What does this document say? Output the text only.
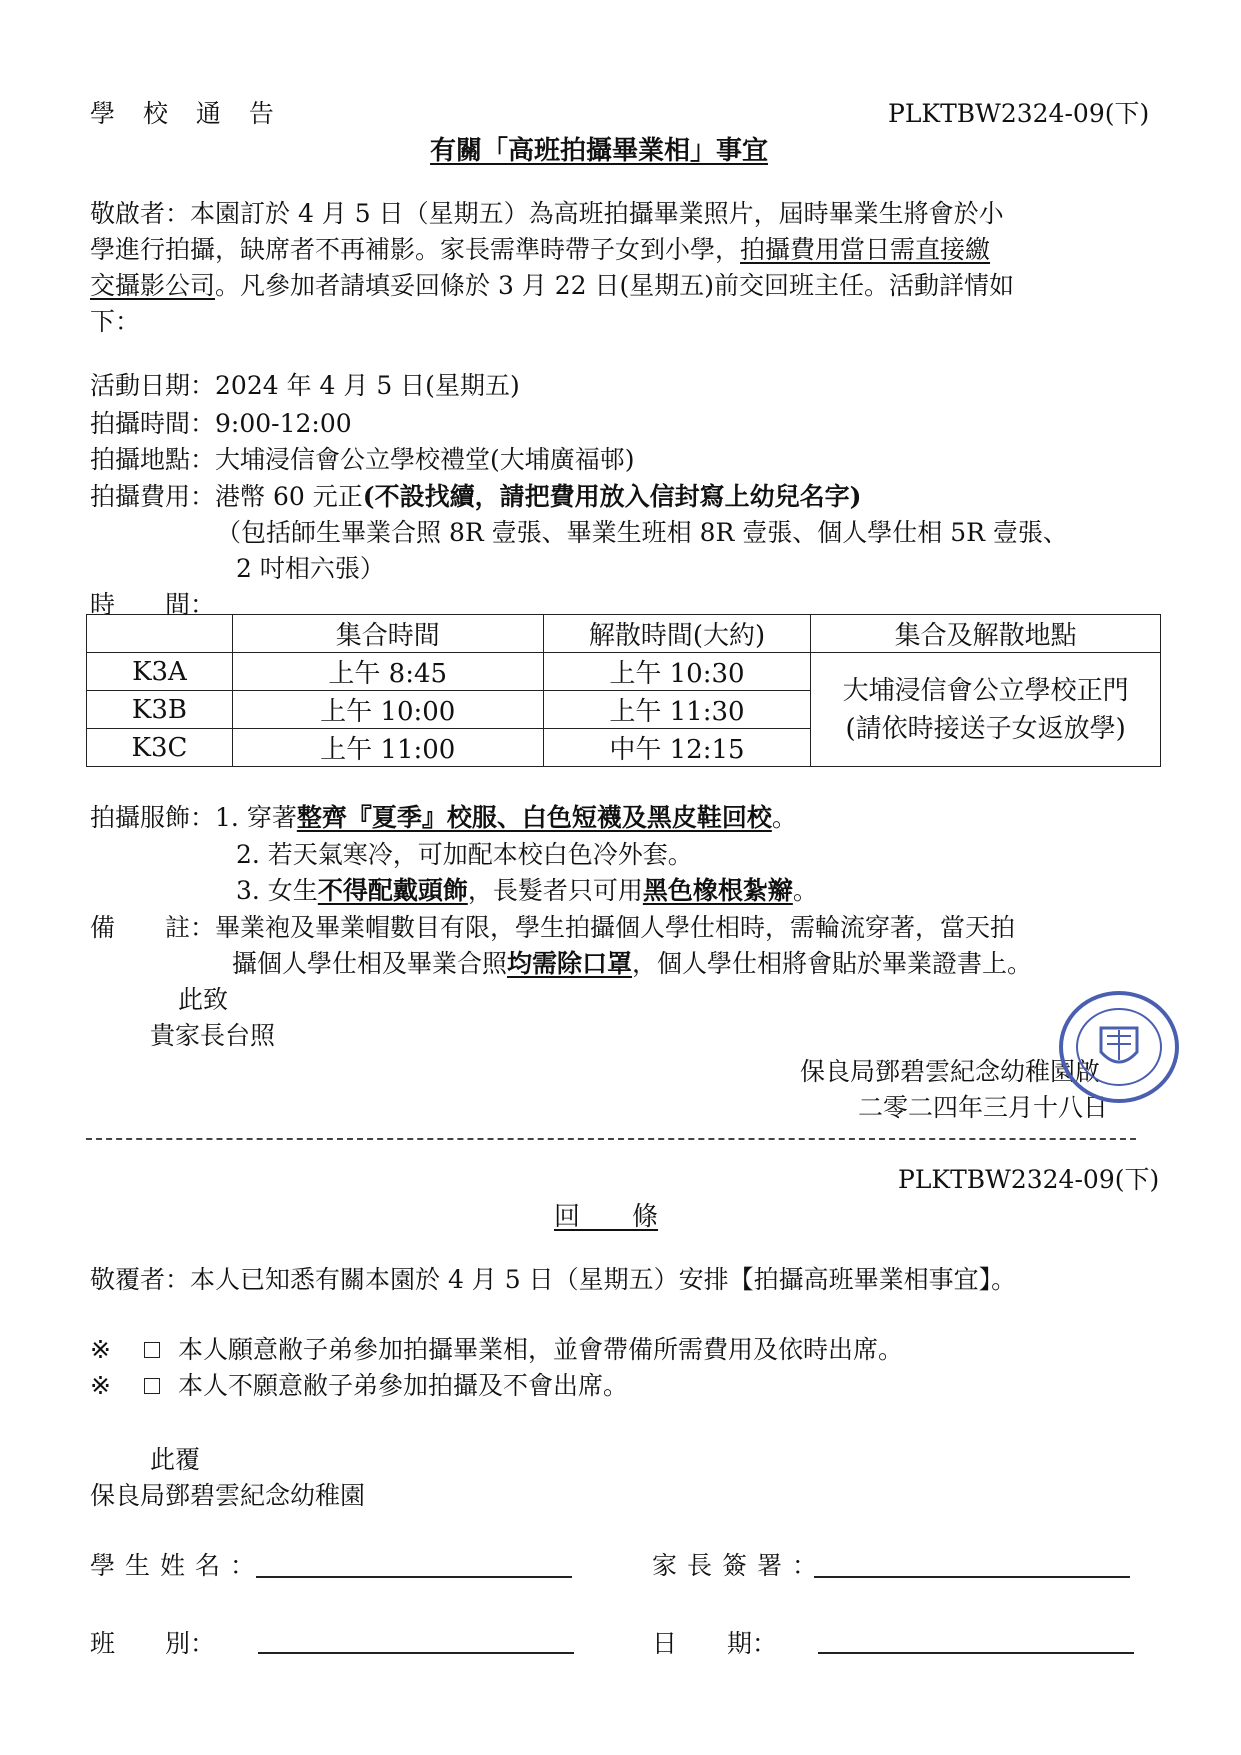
學 校 通 告	PLKTBW2324-09(下)
有關「高班拍攝畢業相」事宜
敬啟者：本園訂於 4 月 5 日（星期五）為高班拍攝畢業照片，屆時畢業生將會於小
學進行拍攝，缺席者不再補影。家長需準時帶子女到小學，拍攝費用當日需直接繳
交攝影公司。凡參加者請填妥回條於 3 月 22 日(星期五)前交回班主任。活動詳情如
下：
活動日期：2024 年 4 月 5 日(星期五)
拍攝時間：9:00-12:00
拍攝地點：大埔浸信會公立學校禮堂(大埔廣福邨)
拍攝費用：港幣 60 元正(不設找續，請把費用放入信封寫上幼兒名字)
（包括師生畢業合照 8R 壹張、畢業生班相 8R 壹張、個人學仕相 5R 壹張、
2 吋相六張）
時　　間：
	集合時間	解散時間(大約)	集合及解散地點
K3A	上午 8:45	上午 10:30	大埔浸信會公立學校正門
(請依時接送子女返放學)

K3B	上午 10:00	上午 11:30	
K3C	上午 11:00	中午 12:15	
拍攝服飾：1. 穿著整齊『夏季』校服、白色短襪及黑皮鞋回校。
2. 若天氣寒冷，可加配本校白色冷外套。
3. 女生不得配戴頭飾，長髮者只可用黑色橡根紮辮。
備　　註：畢業袍及畢業帽數目有限，學生拍攝個人學仕相時，需輪流穿著，當天拍
攝個人學仕相及畢業合照均需除口罩，個人學仕相將會貼於畢業證書上。
此致
貴家長台照
保良局鄧碧雲紀念幼稚園啟
二零二四年三月十八日
PLKTBW2324-09(下)
回　　條
敬覆者：本人已知悉有關本園於 4 月 5 日（星期五）安排【拍攝高班畢業相事宜】。
※	本人願意敝子弟參加拍攝畢業相，並會帶備所需費用及依時出席。
※	本人不願意敝子弟參加拍攝及不會出席。
此覆
保良局鄧碧雲紀念幼稚園
學生姓名：	家長簽署：
班　　別：	日　　期：
